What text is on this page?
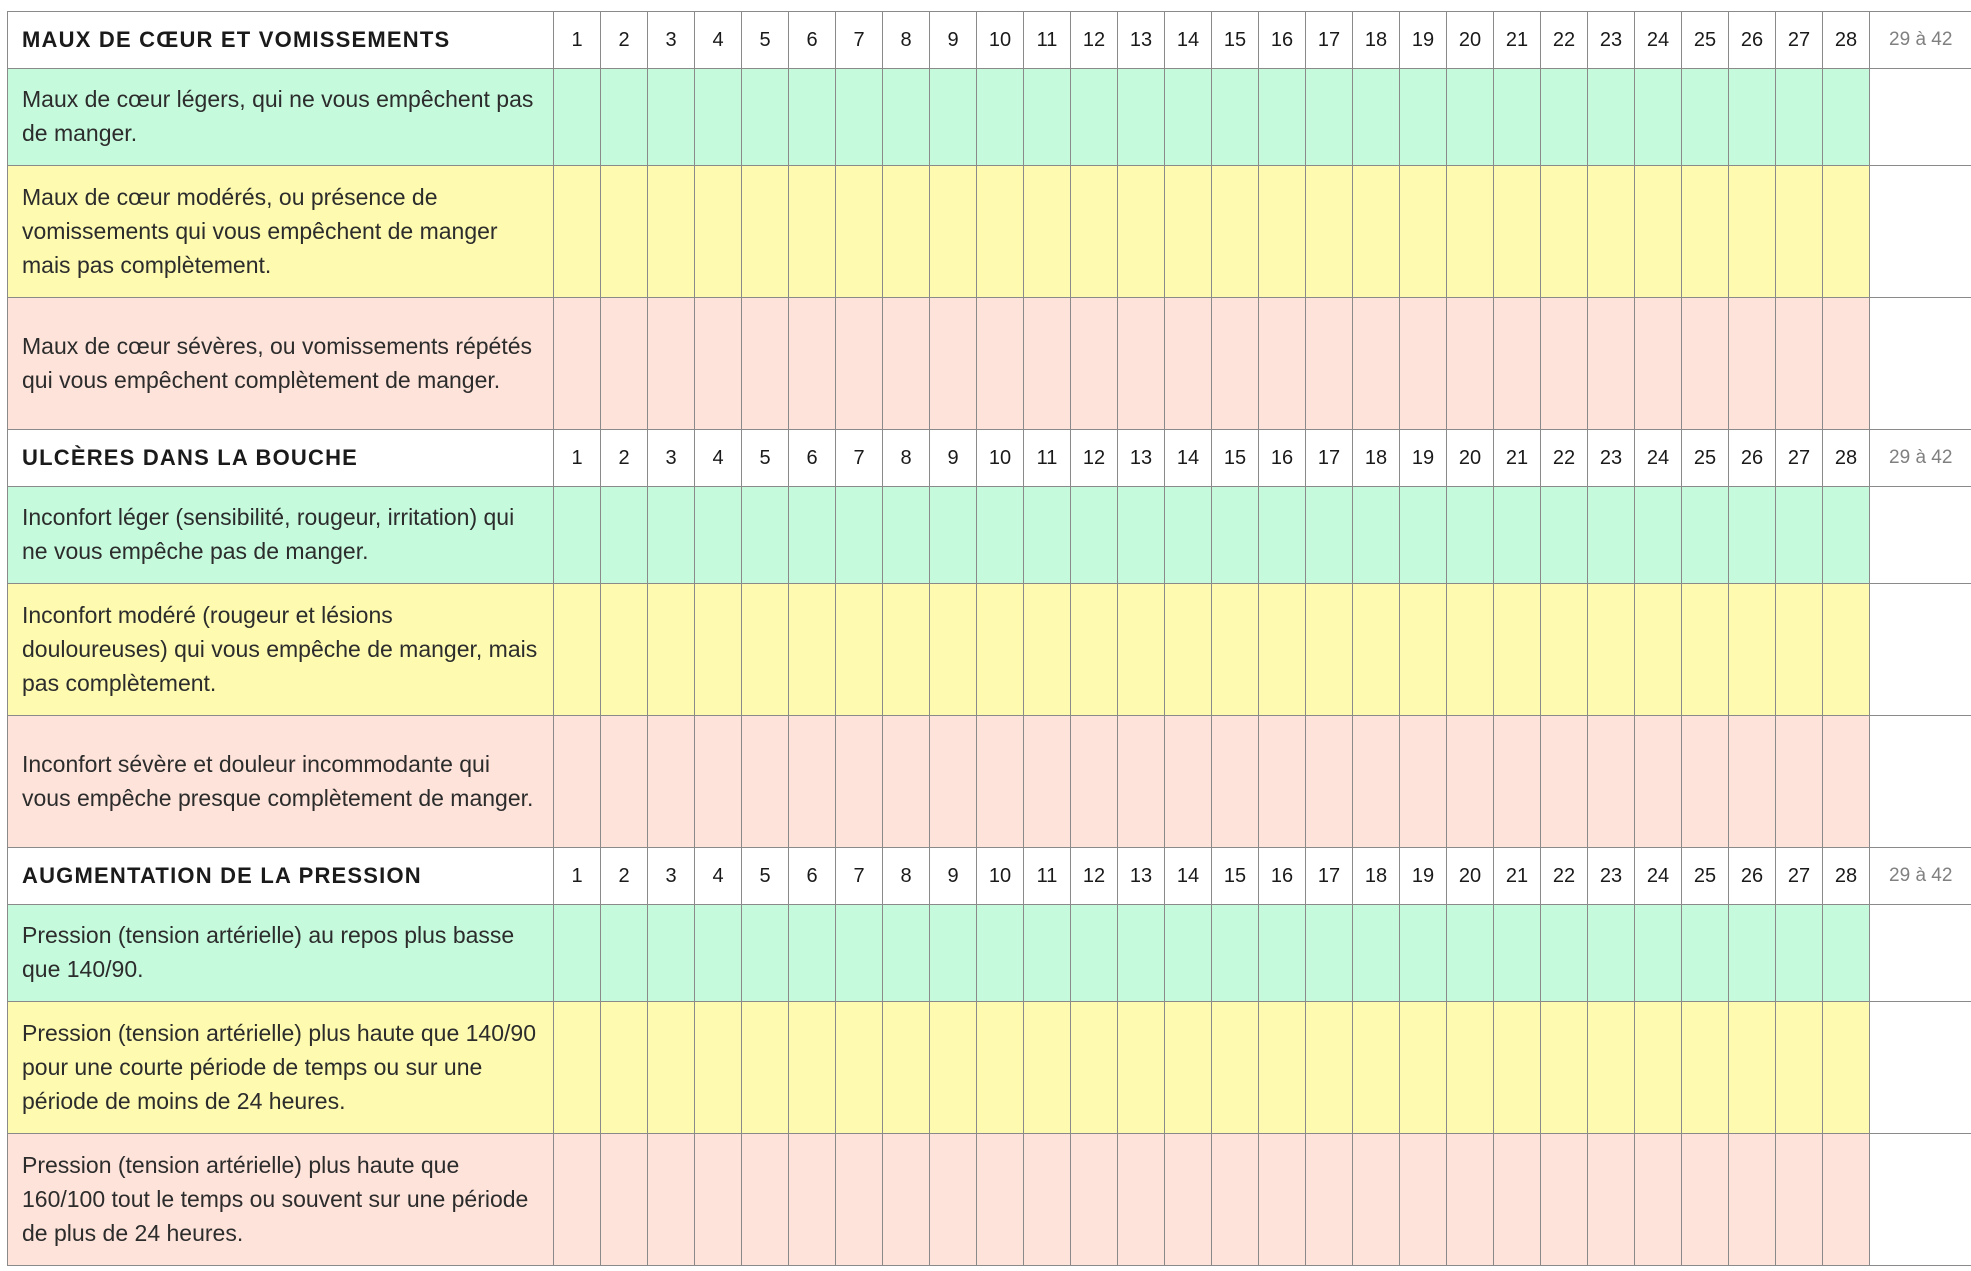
MAUX DE CŒUR ET VOMISSEMENTS	1	2	3	4	5	6	7	8	9	10	11	12	13	14	15	16	17	18	19	20	21	22	23	24	25	26	27	28	29 à 42
Maux de cœur légers, qui ne vous empêchent pas de manger.																													
Maux de cœur modérés, ou présence de vomissements qui vous empêchent de manger mais pas complètement.																													
Maux de cœur sévères, ou vomissements répétés qui vous empêchent complètement de manger.																													
ULCÈRES DANS LA BOUCHE	1	2	3	4	5	6	7	8	9	10	11	12	13	14	15	16	17	18	19	20	21	22	23	24	25	26	27	28	29 à 42
Inconfort léger (sensibilité, rougeur, irritation) qui ne vous empêche pas de manger.																													
Inconfort modéré (rougeur et lésions douloureuses) qui vous empêche de manger, mais pas complètement.																													
Inconfort sévère et douleur incommodante qui vous empêche presque complètement de manger.																													
AUGMENTATION DE LA PRESSION	1	2	3	4	5	6	7	8	9	10	11	12	13	14	15	16	17	18	19	20	21	22	23	24	25	26	27	28	29 à 42
Pression (tension artérielle) au repos plus basse que 140/90.																													
Pression (tension artérielle) plus haute que 140/90 pour une courte période de temps ou sur une période de moins de 24 heures.																													
Pression (tension artérielle) plus haute que 160/100 tout le temps ou souvent sur une période de plus de 24 heures.																													
